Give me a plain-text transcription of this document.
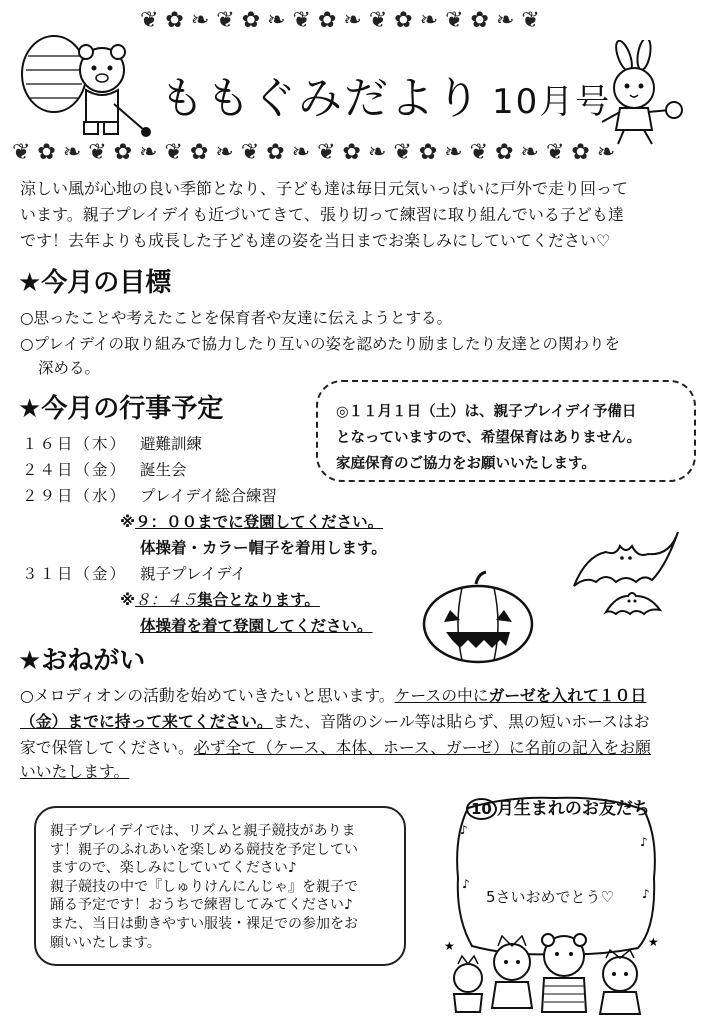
❦ ✿ ❧ ❦ ✿ ❧ ❦ ✿ ❧ ❦ ✿ ❧ ❦ ✿ ❧ ❦
❦ ✿ ❧ ❦ ✿ ❧ ❦ ✿ ❧ ❦ ✿ ❧ ❦ ✿ ❧ ❦ ✿ ❧ ❦ ✿ ❧ ❦ ✿ ❧
ももぐみだより 10月号
涼しい風が心地の良い季節となり、子ども達は毎日元気いっぱいに戸外で走り回って
います。親子プレイデイも近づいてきて、張り切って練習に取り組んでいる子ども達
です！去年よりも成長した子ども達の姿を当日までお楽しみにしていてください♡
★今月の目標
○思ったことや考えたことを保育者や友達に伝えようとする。
○プレイデイの取り組みで協力したり互いの姿を認めたり励ましたり友達との関わりを
深める。
★今月の行事予定	◎１１月１日（土）は、親子プレイデイ予備日
となっていますので、希望保育はありません。
家庭保育のご協力をお願いいたします。
１６日（木） 避難訓練
２４日（金） 誕生会
２９日（水） プレイデイ総合練習
※９：００までに登園してください。
体操着・カラー帽子を着用します。
３１日（金） 親子プレイデイ
※８：４５集合となります。
体操着を着て登園してください。
★おねがい
○メロディオンの活動を始めていきたいと思います。ケースの中にガーゼを入れて１０日
（金）までに持って来てください。また、音階のシール等は貼らず、黒の短いホースはお
家で保管してください。必ず全て（ケース、本体、ホース、ガーゼ）に名前の記入をお願
いいたします。
親子プレイデイでは、リズムと親子競技がありま
す！親子のふれあいを楽しめる競技を予定してい
ますので、楽しみにしていてください♪
親子競技の中で『しゅりけんにんじゃ』を親子で
踊る予定です！おうちで練習してみてください♪
また、当日は動きやすい服装・裸足での参加をお
願いいたします。
♪
♪
♪
♪
10 月生まれのお友だち
5さいおめでとう♡
★	★
